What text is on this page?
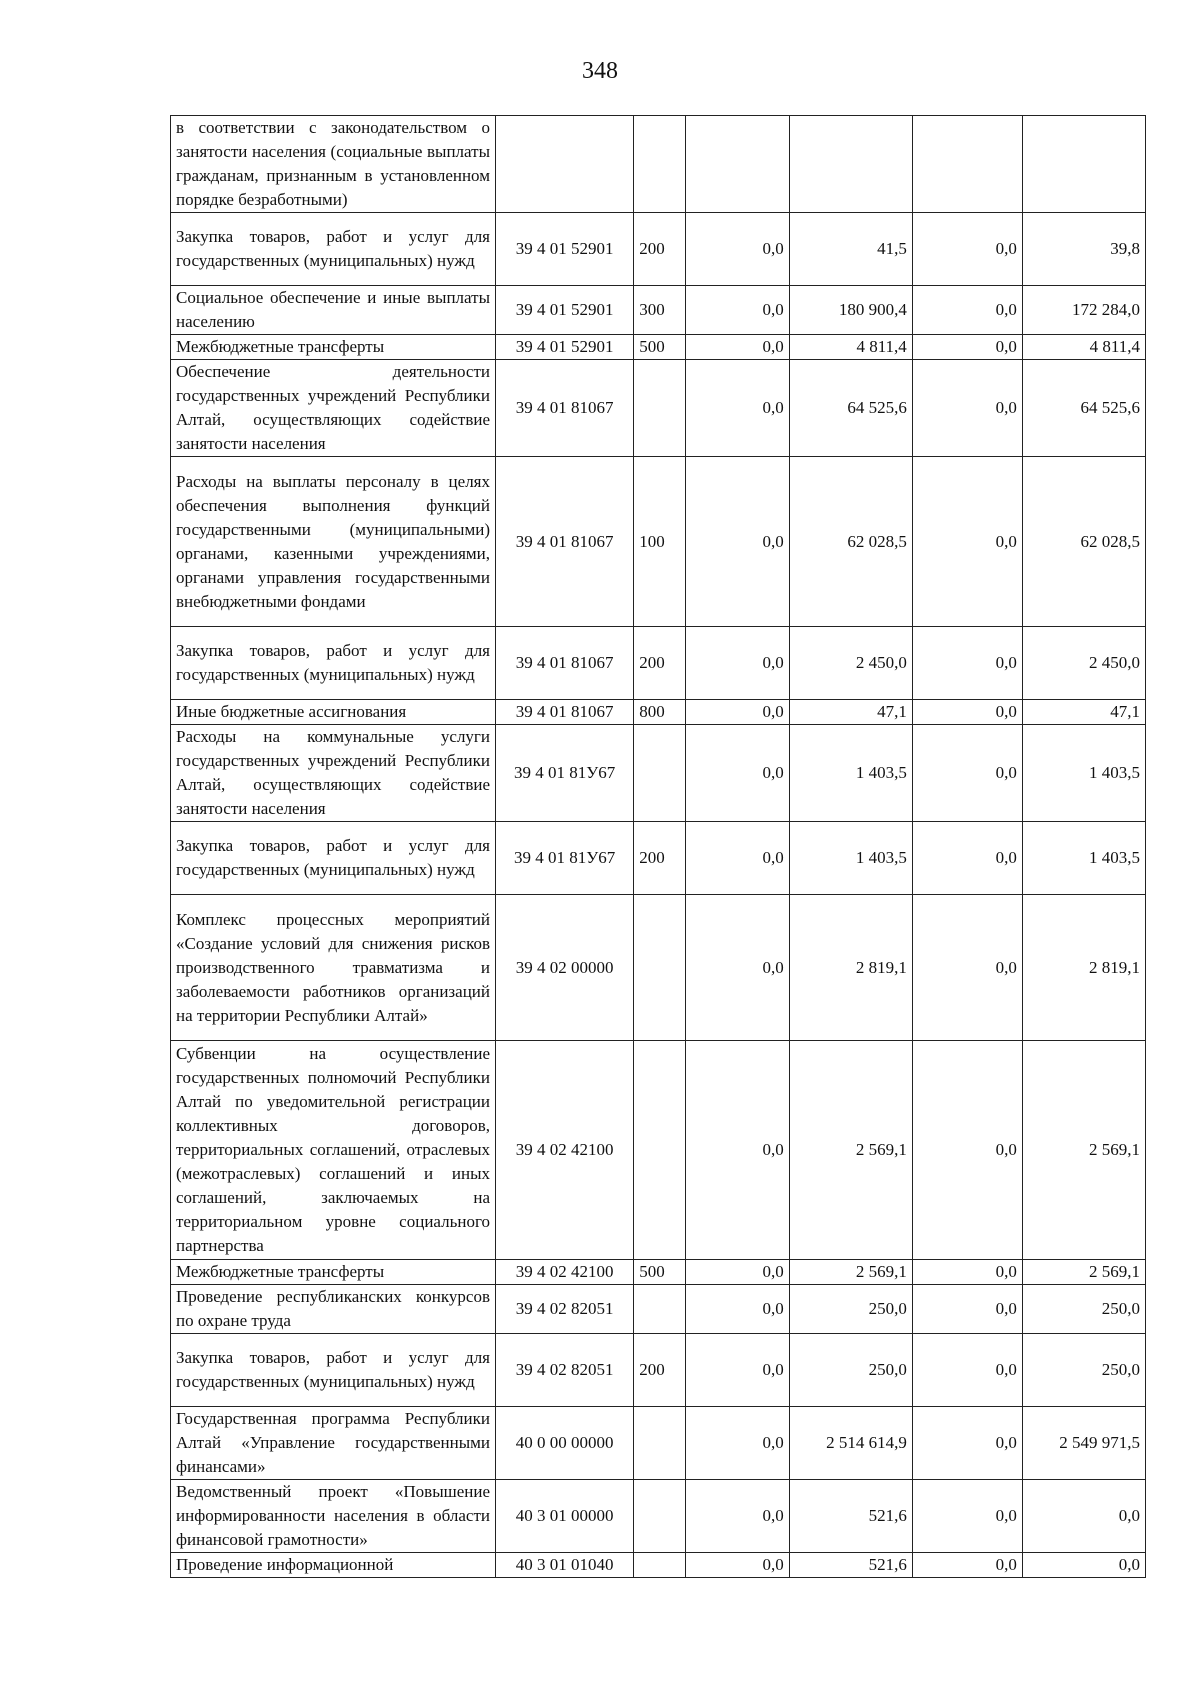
348
в соответствии с законодательством о занятости населения (социальные выплаты гражданам, признанным в установленном порядке безработными)						
Закупка товаров, работ и услуг для государственных (муниципальных) нужд	39 4 01 52901	200	0,0	41,5	0,0	39,8
Социальное обеспечение и иные выплаты населению	39 4 01 52901	300	0,0	180 900,4	0,0	172 284,0
Межбюджетные трансферты	39 4 01 52901	500	0,0	4 811,4	0,0	4 811,4
Обеспечение деятельности государственных учреждений Республики Алтай, осуществляющих содействие занятости населения	39 4 01 81067		0,0	64 525,6	0,0	64 525,6
Расходы на выплаты персоналу в целях обеспечения выполнения функций государственными (муниципальными) органами, казенными учреждениями, органами управления государственными внебюджетными фондами	39 4 01 81067	100	0,0	62 028,5	0,0	62 028,5
Закупка товаров, работ и услуг для государственных (муниципальных) нужд	39 4 01 81067	200	0,0	2 450,0	0,0	2 450,0
Иные бюджетные ассигнования	39 4 01 81067	800	0,0	47,1	0,0	47,1
Расходы на коммунальные услуги государственных учреждений Республики Алтай, осуществляющих содействие занятости населения	39 4 01 81У67		0,0	1 403,5	0,0	1 403,5
Закупка товаров, работ и услуг для государственных (муниципальных) нужд	39 4 01 81У67	200	0,0	1 403,5	0,0	1 403,5
Комплекс процессных мероприятий «Создание условий для снижения рисков производственного травматизма и заболеваемости работников организаций на территории Республики Алтай»	39 4 02 00000		0,0	2 819,1	0,0	2 819,1
Субвенции на осуществление государственных полномочий Республики Алтай по уведомительной регистрации коллективных договоров, территориальных соглашений, отраслевых (межотраслевых) соглашений и иных соглашений, заключаемых на территориальном уровне социального партнерства	39 4 02 42100		0,0	2 569,1	0,0	2 569,1
Межбюджетные трансферты	39 4 02 42100	500	0,0	2 569,1	0,0	2 569,1
Проведение республиканских конкурсов по охране труда	39 4 02 82051		0,0	250,0	0,0	250,0
Закупка товаров, работ и услуг для государственных (муниципальных) нужд	39 4 02 82051	200	0,0	250,0	0,0	250,0
Государственная программа Республики Алтай «Управление государственными финансами»	40 0 00 00000		0,0	2 514 614,9	0,0	2 549 971,5
Ведомственный проект «Повышение информированности населения в области финансовой грамотности»	40 3 01 00000		0,0	521,6	0,0	0,0
Проведение информационной	40 3 01 01040		0,0	521,6	0,0	0,0
